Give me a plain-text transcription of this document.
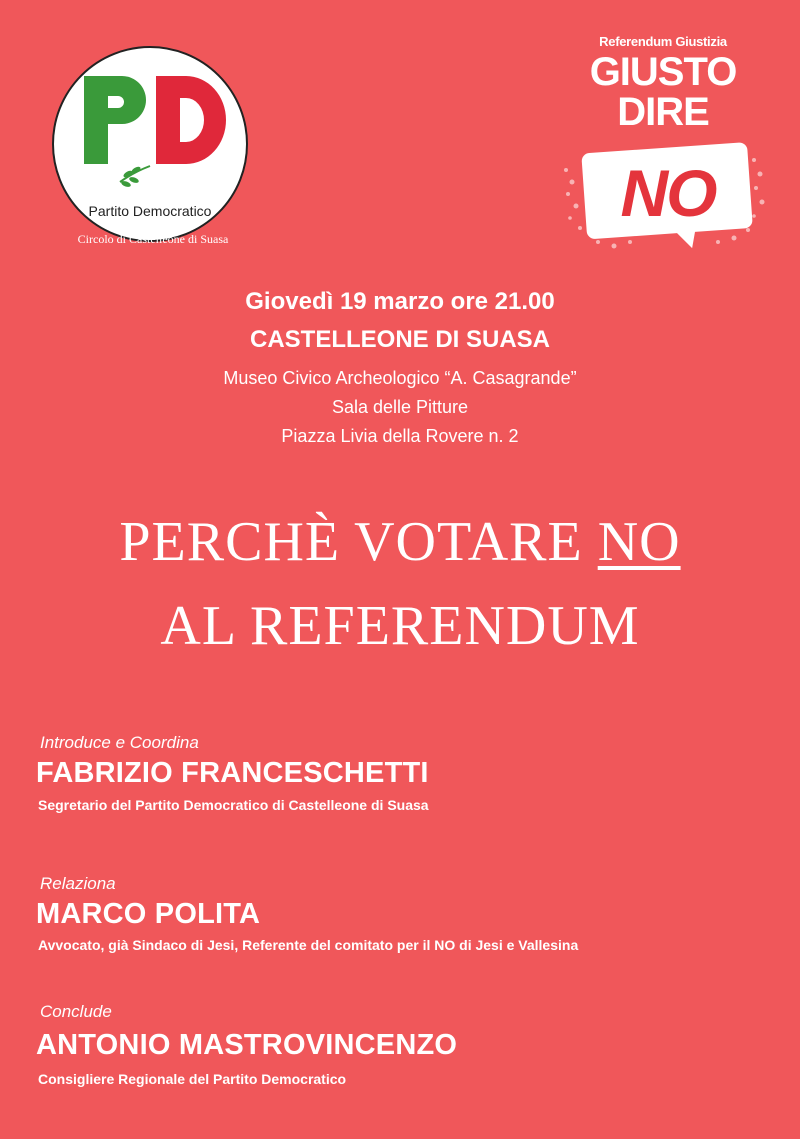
Partito Democratico
Circolo di Castelleone di Suasa
Referendum Giustizia
GIUSTO
DIRE
NO
Giovedì 19 marzo ore 21.00
CASTELLEONE DI SUASA
Museo Civico Archeologico “A. Casagrande”
Sala delle Pitture
Piazza Livia della Rovere n. 2
PERCHÈ VOTARE NO
AL REFERENDUM
Introduce e Coordina
FABRIZIO FRANCESCHETTI
Segretario del Partito Democratico di Castelleone di Suasa
Relaziona
MARCO POLITA
Avvocato, già Sindaco di Jesi, Referente del comitato per il NO di Jesi e Vallesina
Conclude
ANTONIO MASTROVINCENZO
Consigliere Regionale del Partito Democratico
